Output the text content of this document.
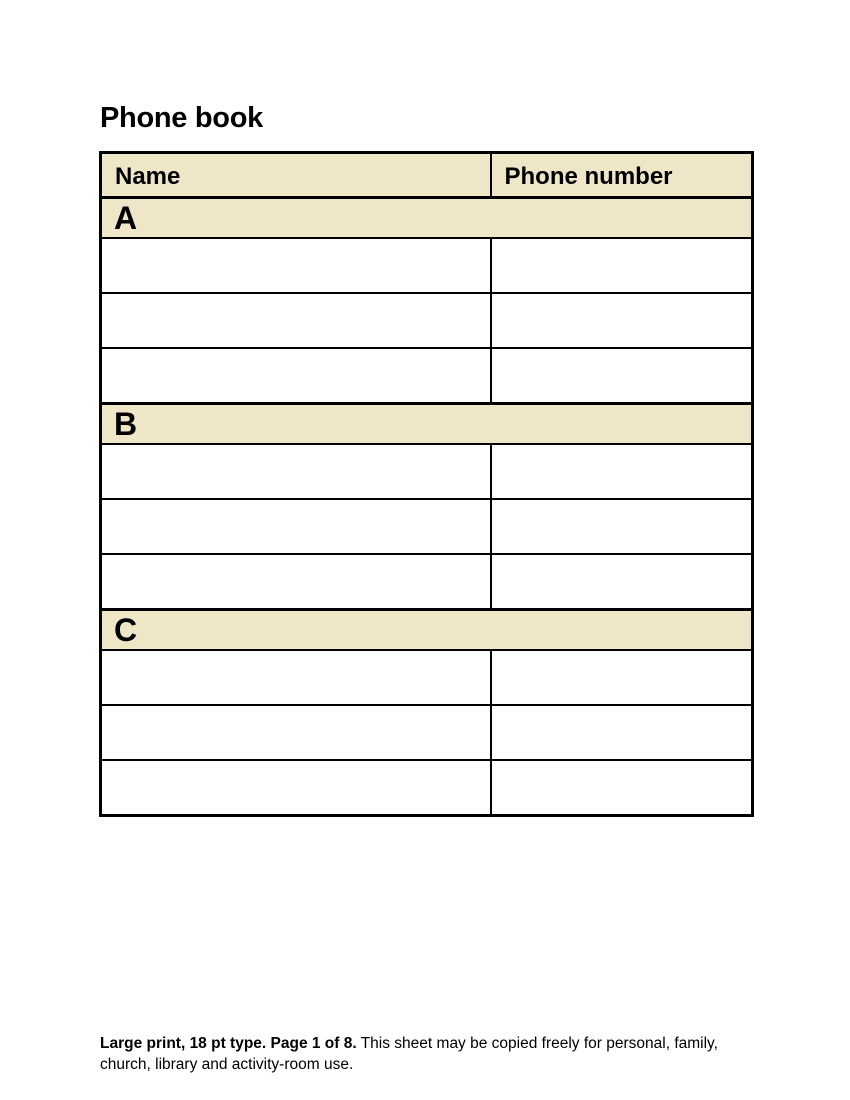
Phone book
Name	Phone number
A	

B	

C	

Large print, 18 pt type. Page 1 of 8. This sheet may be copied freely for personal, family, church, library and activity-room use.
